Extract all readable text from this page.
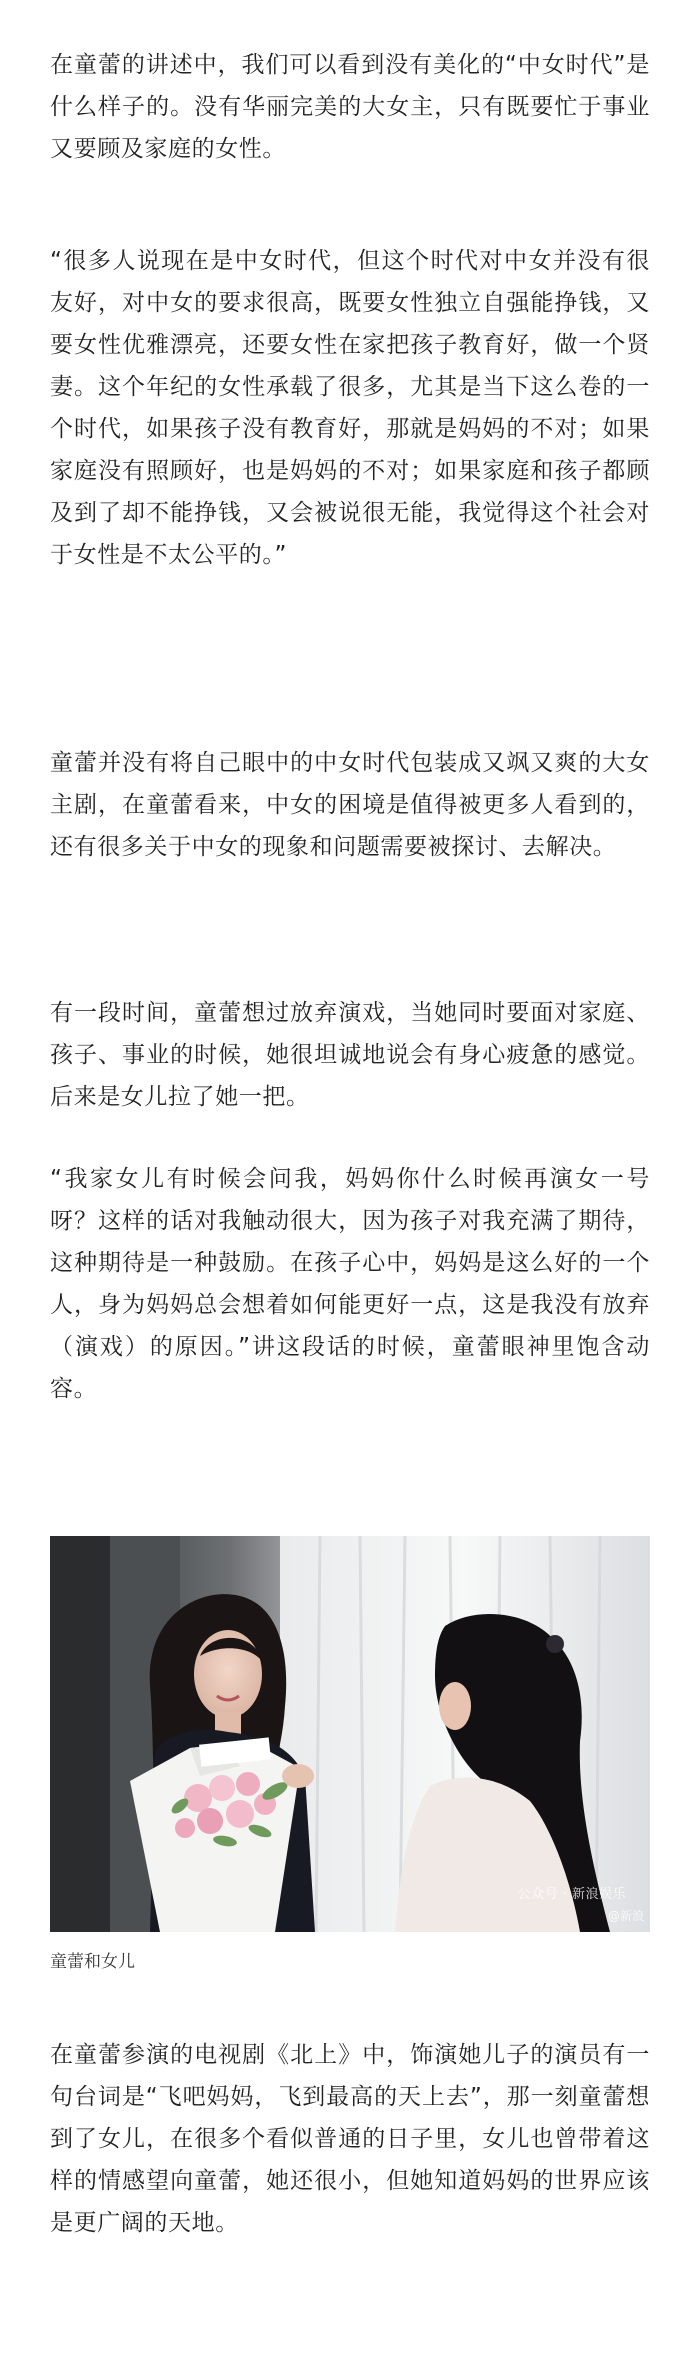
在童蕾的讲述中，我们可以看到没有美化的“中女时代”是什么样子的。没有华丽完美的大女主，只有既要忙于事业又要顾及家庭的女性。

“很多人说现在是中女时代，但这个时代对中女并没有很友好，对中女的要求很高，既要女性独立自强能挣钱，又要女性优雅漂亮，还要女性在家把孩子教育好，做一个贤妻。这个年纪的女性承载了很多，尤其是当下这么卷的一个时代，如果孩子没有教育好，那就是妈妈的不对；如果家庭没有照顾好，也是妈妈的不对；如果家庭和孩子都顾及到了却不能挣钱，又会被说很无能，我觉得这个社会对于女性是不太公平的。”

童蕾并没有将自己眼中的中女时代包装成又飒又爽的大女主剧，在童蕾看来，中女的困境是值得被更多人看到的，还有很多关于中女的现象和问题需要被探讨、去解决。

有一段时间，童蕾想过放弃演戏，当她同时要面对家庭、孩子、事业的时候，她很坦诚地说会有身心疲惫的感觉。后来是女儿拉了她一把。

“我家女儿有时候会问我，妈妈你什么时候再演女一号呀？这样的话对我触动很大，因为孩子对我充满了期待，这种期待是一种鼓励。在孩子心中，妈妈是这么好的一个人，身为妈妈总会想着如何能更好一点，这是我没有放弃（演戏）的原因。”讲这段话的时候，童蕾眼神里饱含动容。

公众号 · 新浪娱乐
@新浪

童蕾和女儿

在童蕾参演的电视剧《北上》中，饰演她儿子的演员有一句台词是“飞吧妈妈，飞到最高的天上去”，那一刻童蕾想到了女儿，在很多个看似普通的日子里，女儿也曾带着这样的情感望向童蕾，她还很小，但她知道妈妈的世界应该是更广阔的天地。
